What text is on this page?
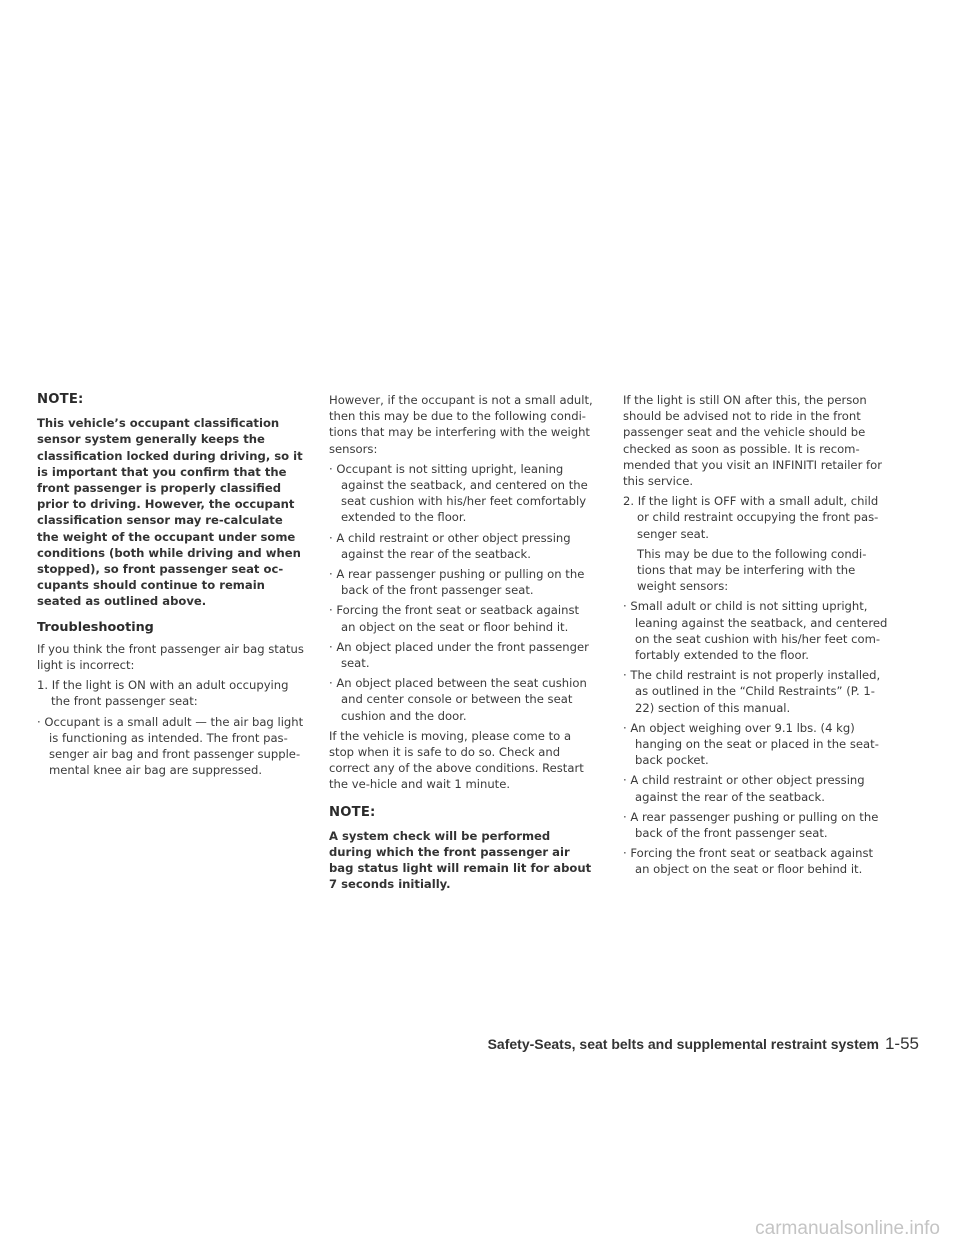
NOTE:
This vehicle’s occupant classification sensor system generally keeps the classification locked during driving, so it is important that you confirm that the front passenger is properly classified prior to driving. However, the occupant classification sensor may re-calculate the weight of the occupant under some conditions (both while driving and when stopped), so front passenger seat oc-cupants should continue to remain seated as outlined above.
Troubleshooting

If you think the front passenger air bag status light is incorrect:

1. If the light is ON with an adult occupying the front passenger seat:
· Occupant is a small adult — the air bag light is functioning as intended. The front pas-senger air bag and front passenger supple-mental knee air bag are suppressed.

However, if the occupant is not a small adult, then this may be due to the following condi-tions that may be interfering with the weight sensors:

· Occupant is not sitting upright, leaning against the seatback, and centered on the seat cushion with his/her feet comfortably extended to the floor.
· A child restraint or other object pressing against the rear of the seatback.
· A rear passenger pushing or pulling on the back of the front passenger seat.
· Forcing the front seat or seatback against an object on the seat or floor behind it.
· An object placed under the front passenger seat.
· An object placed between the seat cushion and center console or between the seat cushion and the door.

If the vehicle is moving, please come to a stop when it is safe to do so. Check and correct any of the above conditions. Restart the ve-hicle and wait 1 minute.

NOTE:
A system check will be performed during which the front passenger air bag status light will remain lit for about 7 seconds initially.

If the light is still ON after this, the person should be advised not to ride in the front passenger seat and the vehicle should be checked as soon as possible. It is recom-mended that you visit an INFINITI retailer for this service.

2. If the light is OFF with a small adult, child or child restraint occupying the front pas-senger seat.
This may be due to the following condi-tions that may be interfering with the weight sensors:
· Small adult or child is not sitting upright, leaning against the seatback, and centered on the seat cushion with his/her feet com-fortably extended to the floor.
· The child restraint is not properly installed, as outlined in the “Child Restraints” (P. 1-22) section of this manual.
· An object weighing over 9.1 lbs. (4 kg) hanging on the seat or placed in the seat-back pocket.
· A child restraint or other object pressing against the rear of the seatback.
· A rear passenger pushing or pulling on the back of the front passenger seat.
· Forcing the front seat or seatback against an object on the seat or floor behind it.
Safety-Seats, seat belts and supplemental restraint system 1-55
carmanualsonline.info
